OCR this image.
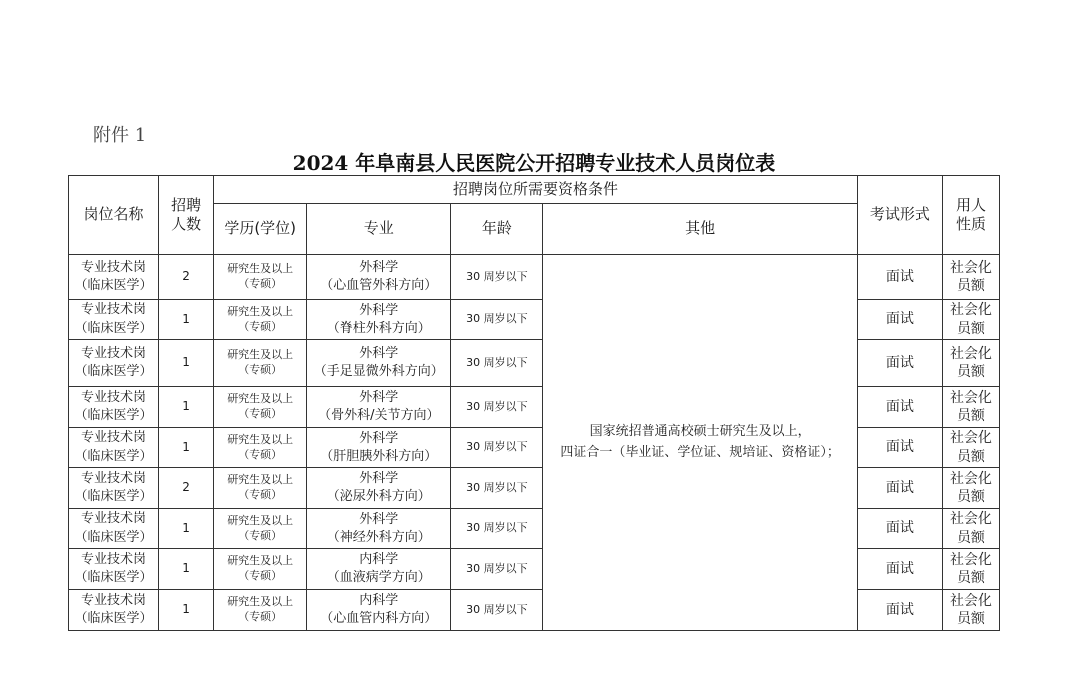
附件 1
2024 年阜南县人民医院公开招聘专业技术人员岗位表
岗位名称	招聘
人数	招聘岗位所需要资格条件				考试形式	用人
性质

		学历(学位)	专业	年龄	其他		

专业技术岗
（临床医学）	2	研究生及以上
（专硕）	外科学
（心血管外科方向）	30 周岁以下	国家统招普通高校硕士研究生及以上，
四证合一（毕业证、学位证、规培证、资格证）；	面试	社会化
员额

专业技术岗
（临床医学）	1	研究生及以上
（专硕）	外科学
（脊柱外科方向）	30 周岁以下		面试	社会化
员额

专业技术岗
（临床医学）	1	研究生及以上
（专硕）	外科学
（手足显微外科方向）	30 周岁以下		面试	社会化
员额

专业技术岗
（临床医学）	1	研究生及以上
（专硕）	外科学
（骨外科/关节方向）	30 周岁以下		面试	社会化
员额

专业技术岗
（临床医学）	1	研究生及以上
（专硕）	外科学
（肝胆胰外科方向）	30 周岁以下		面试	社会化
员额

专业技术岗
（临床医学）	2	研究生及以上
（专硕）	外科学
（泌尿外科方向）	30 周岁以下		面试	社会化
员额

专业技术岗
（临床医学）	1	研究生及以上
（专硕）	外科学
（神经外科方向）	30 周岁以下		面试	社会化
员额

专业技术岗
（临床医学）	1	研究生及以上
（专硕）	内科学
（血液病学方向）	30 周岁以下		面试	社会化
员额

专业技术岗
（临床医学）	1	研究生及以上
（专硕）	内科学
（心血管内科方向）	30 周岁以下		面试	社会化
员额
